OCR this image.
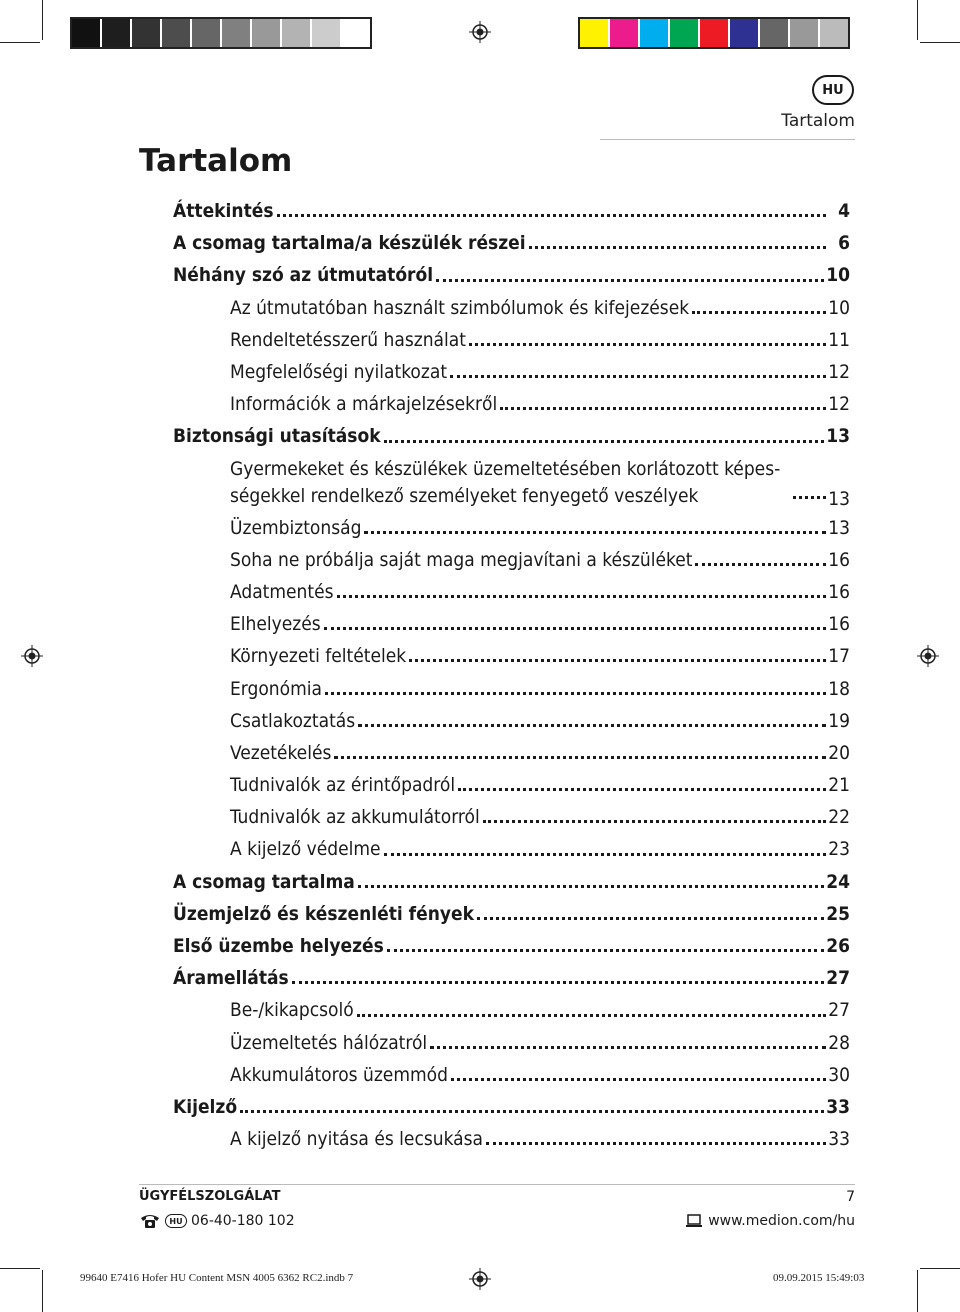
HU
Tartalom
Tartalom
Áttekintés	4
A csomag tartalma/a készülék részei	6
Néhány szó az útmutatóról	10
Az útmutatóban használt szimbólumok és kifejezések	10
Rendeltetésszerű használat	11
Megfelelőségi nyilatkozat	12
Információk a márkajelzésekről	12
Biztonsági utasítások	13
Gyermekeket és készülékek üzemeltetésében korlátozott képes-ségekkel rendelkező személyeket fenyegető veszélyek	13
Üzembiztonság	13
Soha ne próbálja saját maga megjavítani a készüléket	16
Adatmentés	16
Elhelyezés	16
Környezeti feltételek	17
Ergonómia	18
Csatlakoztatás	19
Vezetékelés	20
Tudnivalók az érintőpadról	21
Tudnivalók az akkumulátorról	22
A kijelző védelme	23
A csomag tartalma	24
Üzemjelző és készenléti fények	25
Első üzembe helyezés	26
Áramellátás	27
Be-/kikapcsoló	27
Üzemeltetés hálózatról	28
Akkumulátoros üzemmód	30
Kijelző	33
A kijelző nyitása és lecsukása	33
ÜGYFÉLSZOLGÁLAT	7
HU 06-40-180 102	www.medion.com/hu
99640 E7416 Hofer HU Content MSN 4005 6362 RC2.indb 7	09.09.2015 15:49:03
